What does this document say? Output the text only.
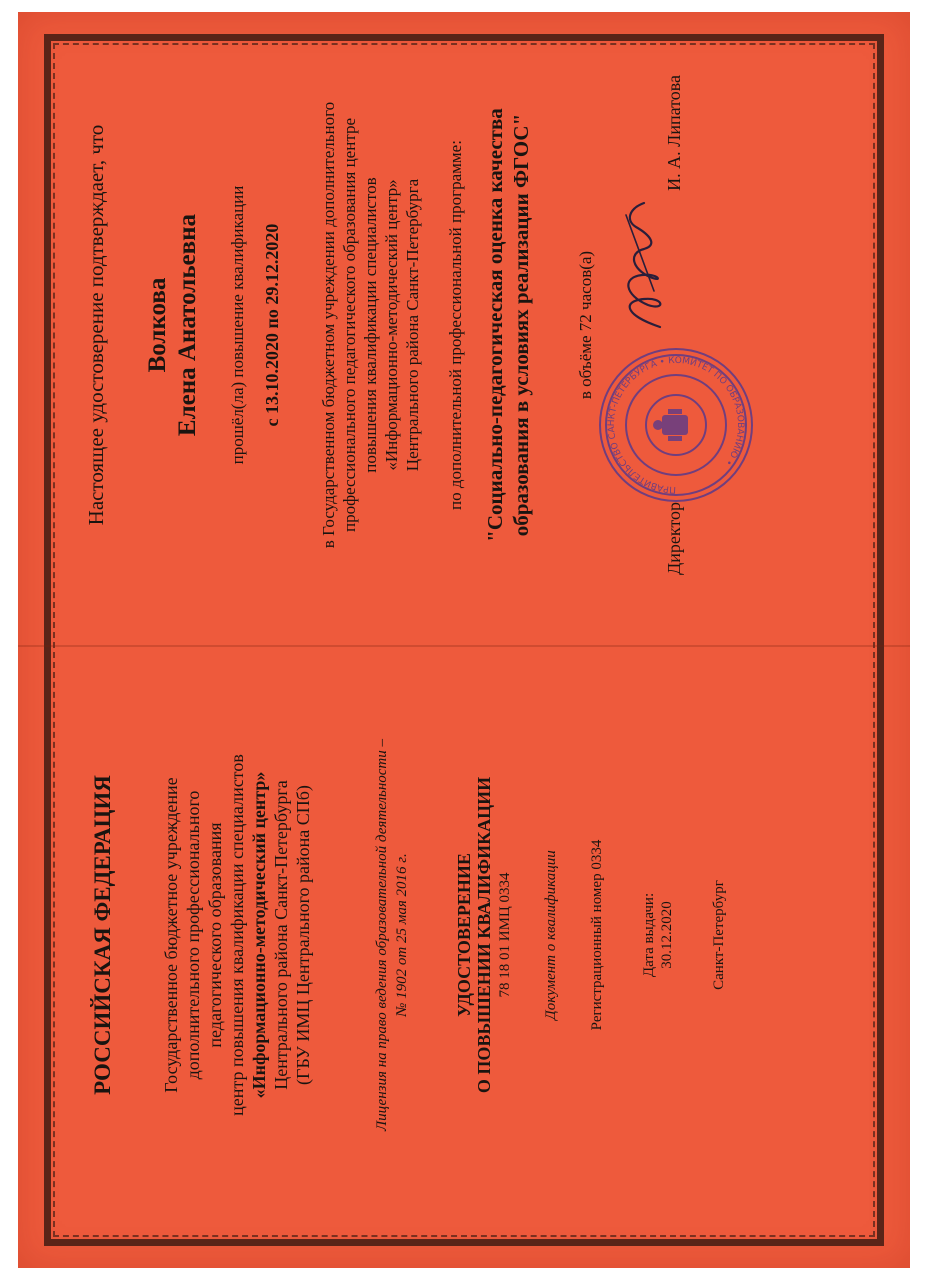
Настоящее удостоверение подтверждает, что Волкова Елена Анатольевна прошёл(ла) повышение квалификации с 13.10.2020 по 29.12.2020 в Государственном бюджетном учреждении дополнительного профессионального педагогического образования центре повышения квалификации специалистов «Информационно-методический центр» Центрального района Санкт-Петербурга по дополнительной профессиональной программе: "Социально-педагогическая оценка качества образования в условиях реализации ФГОС"	в объёме 72 часов(а)
ПРАВИТЕЛЬСТВО САНКТ-ПЕТЕРБУРГА • КОМИТЕТ ПО ОБРАЗОВАНИЮ •
Директор
И. А. Липатова
РОССИЙСКАЯ ФЕДЕРАЦИЯ	Государственное бюджетное учреждение дополнительного профессионального педагогического образования центр повышения квалификации специалистов «Информационно-методический центр» Центрального района Санкт-Петербурга (ГБУ ИМЦ Центрального района СПб)	Лицензия на право ведения образовательной деятельности – № 1902 от 25 мая 2016 г. УДОСТОВЕРЕНИЕ О ПОВЫШЕНИИ КВАЛИФИКАЦИИ 78 18 01 ИМЦ 0334 Документ о квалификации Регистрационный номер 0334 Дата выдачи: 30.12.2020 Санкт-Петербург
